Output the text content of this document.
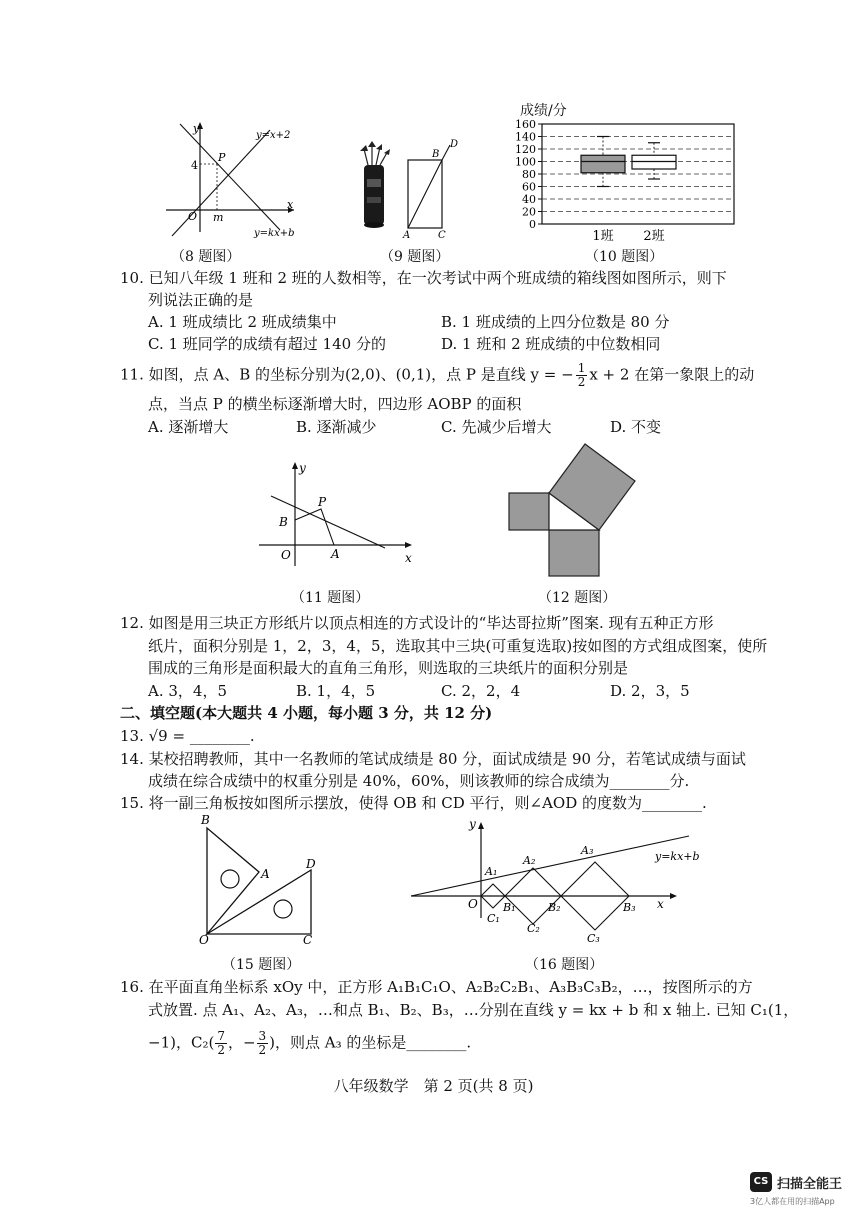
y
x
O m
4
P
y=x+2
y=kx+b
（8 题图）
A
B
C
D
（9 题图）
成绩/分
0
20
40
60
80
100
120
140
160
1班 2班
（10 题图）
10. 已知八年级 1 班和 2 班的人数相等，在一次考试中两个班成绩的箱线图如图所示，则下
列说法正确的是
A. 1 班成绩比 2 班成绩集中	B. 1 班成绩的上四分位数是 80 分
C. 1 班同学的成绩有超过 140 分的	D. 1 班和 2 班成绩的中位数相同
11. 如图，点 A、B 的坐标分别为(2,0)、(0,1)，点 P 是直线 y = − $\frac{1}{2}$ x + 2 在第一象限上的动
点，当点 P 的横坐标逐渐增大时，四边形 AOBP 的面积
A. 逐渐增大	B. 逐渐减少	C. 先减少后增大	D. 不变
y
x
O	A
B
P
（11 题图）	（12 题图）
12. 如图是用三块正方形纸片以顶点相连的方式设计的“毕达哥拉斯”图案. 现有五种正方形
纸片，面积分别是 1，2，3，4，5，选取其中三块(可重复选取)按如图的方式组成图案，使所
围成的三角形是面积最大的直角三角形，则选取的三块纸片的面积分别是
A. 3，4，5	B. 1，4，5	C. 2，2，4	D. 2，3，5
二、填空题(本大题共 4 小题，每小题 3 分，共 12 分)
13. √9 = ________.
14. 某校招聘教师，其中一名教师的笔试成绩是 80 分，面试成绩是 90 分，若笔试成绩与面试
成绩在综合成绩中的权重分别是 40%，60%，则该教师的综合成绩为________分.
15. 将一副三角板按如图所示摆放，使得 OB 和 CD 平行，则∠AOD 的度数为________.
B
A
D
O	C
（15 题图）
y
x
O
y=kx+b
A₁
A₂
A₃
B₁	B₂	B₃
C₁
C₂
C₃
（16 题图）
16. 在平面直角坐标系 xOy 中，正方形 A₁B₁C₁O、A₂B₂C₂B₁、A₃B₃C₃B₂，…，按图所示的方
式放置. 点 A₁、A₂、A₃，…和点 B₁、B₂、B₃，…分别在直线 y = kx + b 和 x 轴上. 已知 C₁(1，
−1)，$C_2( \frac{7}{2}$ ，− $\frac{3}{2}$ )，则点 A₃ 的坐标是________.
八年级数学　第 2 页(共 8 页)
CS 扫描全能王
3亿人都在用的扫描App
